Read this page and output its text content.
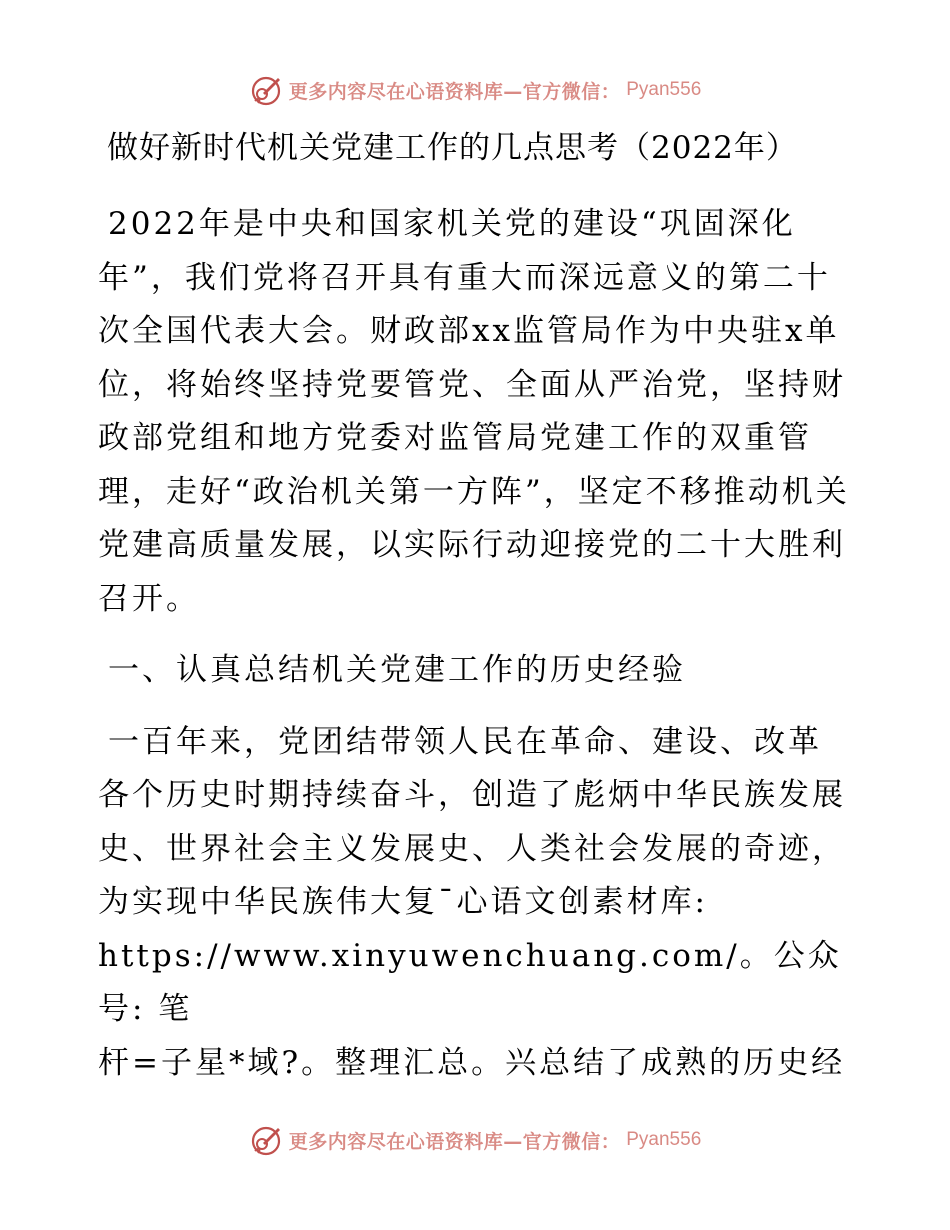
更多内容尽在心语资料库—官方微信： Pyan556
做好新时代机关党建工作的几点思考（2022年）

2022年是中央和国家机关党的建设“巩固深化年”，我们党将召开具有重大而深远意义的第二十次全国代表大会。财政部xx监管局作为中央驻x单位，将始终坚持党要管党、全面从严治党，坚持财政部党组和地方党委对监管局党建工作的双重管理，走好“政治机关第一方阵”，坚定不移推动机关党建高质量发展，以实际行动迎接党的二十大胜利召开。

一、认真总结机关党建工作的历史经验

一百年来，党团结带领人民在革命、建设、改革

各个历史时期持续奋斗，创造了彪炳中华民族发展

史、世界社会主义发展史、人类社会发展的奇迹，

为实现中华民族伟大复¯心语文创素材库:

https://www.xinyuwenchuang.com/。公众号: 笔

杆=子星*域?。整理汇总。兴总结了成熟的历史经

更多内容尽在心语资料库—官方微信： Pyan556
